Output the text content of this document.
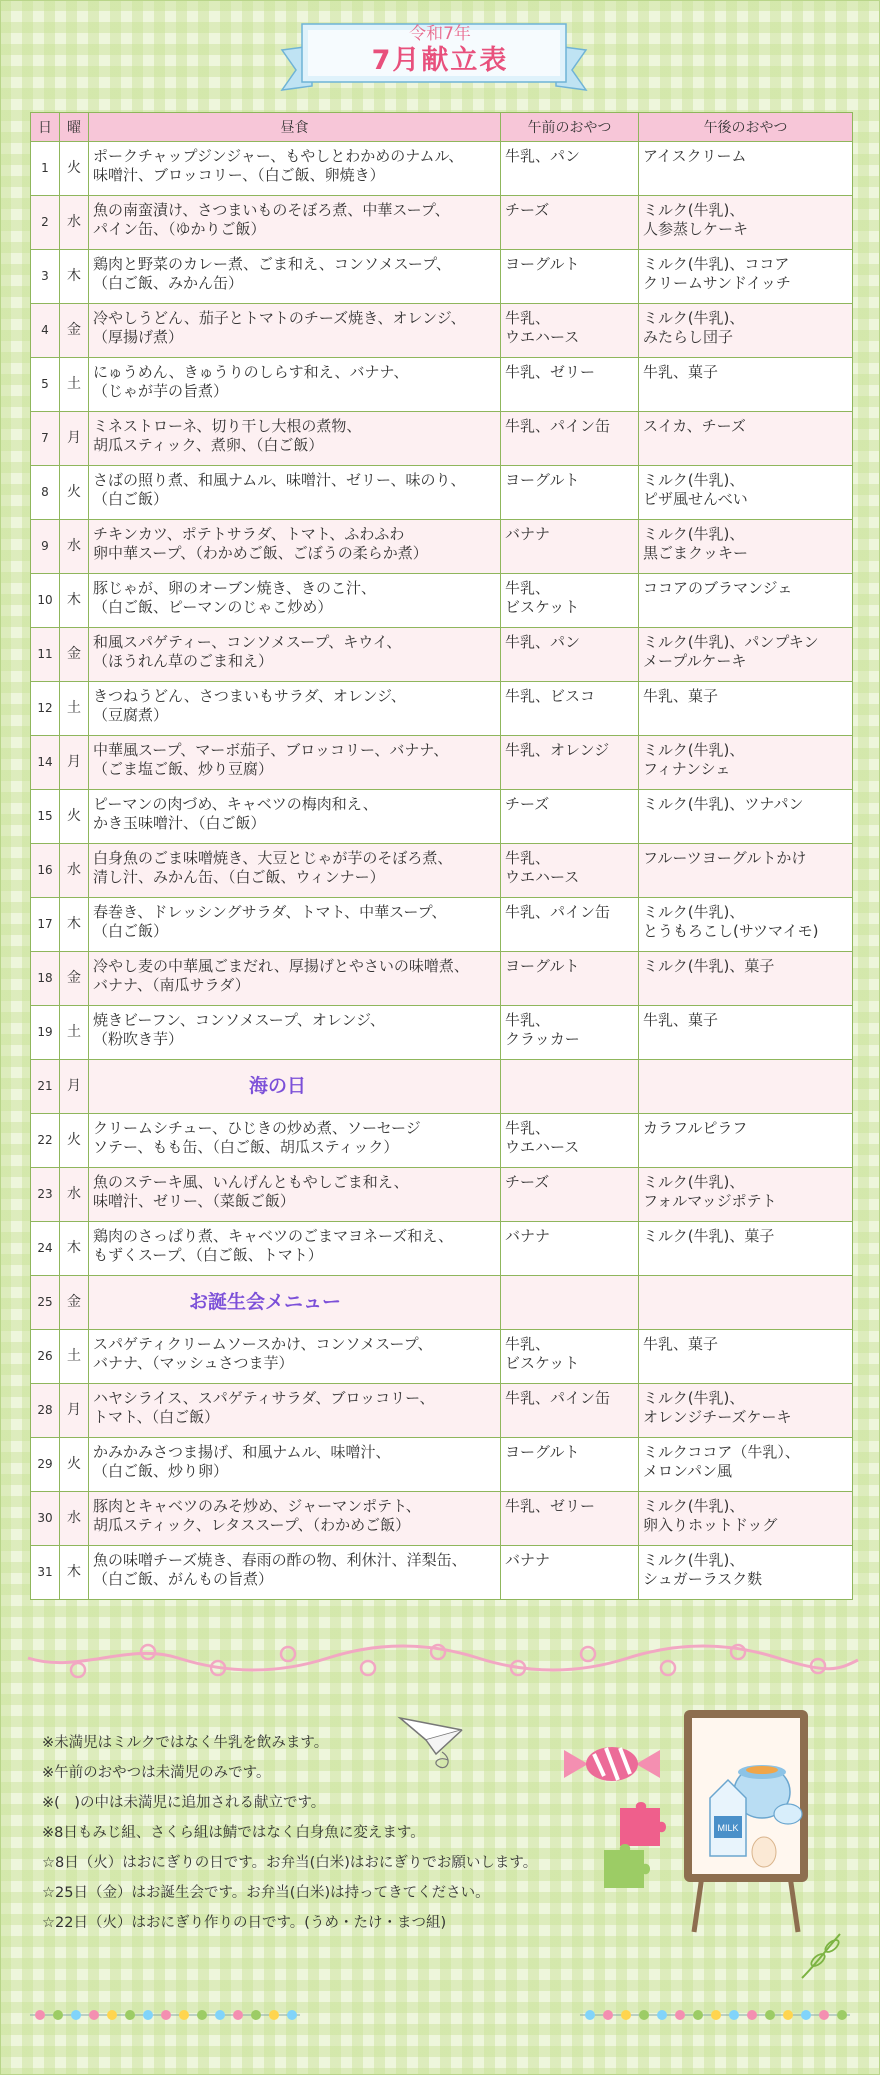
令和7年
7月献立表
日	曜	昼食	午前のおやつ	午後のおやつ
1	火	ポークチャップジンジャー、もやしとわかめのナムル、
味噌汁、ブロッコリー、（白ご飯、卵焼き）	牛乳、パン	アイスクリーム
2	水	魚の南蛮漬け、さつまいものそぼろ煮、中華スープ、
パイン缶、（ゆかりご飯）	チーズ	ミルク(牛乳)、
人参蒸しケーキ
3	木	鶏肉と野菜のカレー煮、ごま和え、コンソメスープ、
（白ご飯、みかん缶）	ヨーグルト	ミルク(牛乳)、ココア
クリームサンドイッチ
4	金	冷やしうどん、茄子とトマトのチーズ焼き、オレンジ、
（厚揚げ煮）	牛乳、
ウエハース	ミルク(牛乳)、
みたらし団子
5	土	にゅうめん、きゅうりのしらす和え、バナナ、
（じゃが芋の旨煮）	牛乳、ゼリー	牛乳、菓子
7	月	ミネストローネ、切り干し大根の煮物、
胡瓜スティック、煮卵、（白ご飯）	牛乳、パイン缶	スイカ、チーズ
8	火	さばの照り煮、和風ナムル、味噌汁、ゼリー、味のり、
（白ご飯）	ヨーグルト	ミルク(牛乳)、
ピザ風せんべい
9	水	チキンカツ、ポテトサラダ、トマト、ふわふわ
卵中華スープ、（わかめご飯、ごぼうの柔らか煮）	バナナ	ミルク(牛乳)、
黒ごまクッキー
10	木	豚じゃが、卵のオーブン焼き、きのこ汁、
（白ご飯、ピーマンのじゃこ炒め）	牛乳、
ビスケット	ココアのブラマンジェ
11	金	和風スパゲティー、コンソメスープ、キウイ、
（ほうれん草のごま和え）	牛乳、パン	ミルク(牛乳)、パンプキン
メープルケーキ
12	土	きつねうどん、さつまいもサラダ、オレンジ、
（豆腐煮）	牛乳、ビスコ	牛乳、菓子
14	月	中華風スープ、マーボ茄子、ブロッコリー、バナナ、
（ごま塩ご飯、炒り豆腐）	牛乳、オレンジ	ミルク(牛乳)、
フィナンシェ
15	火	ピーマンの肉づめ、キャベツの梅肉和え、
かき玉味噌汁、（白ご飯）	チーズ	ミルク(牛乳)、ツナパン
16	水	白身魚のごま味噌焼き、大豆とじゃが芋のそぼろ煮、
清し汁、みかん缶、（白ご飯、ウィンナー）	牛乳、
ウエハース	フルーツヨーグルトかけ
17	木	春巻き、ドレッシングサラダ、トマト、中華スープ、
（白ご飯）	牛乳、パイン缶	ミルク(牛乳)、
とうもろこし(サツマイモ)
18	金	冷やし麦の中華風ごまだれ、厚揚げとやさいの味噌煮、
バナナ、（南瓜サラダ）	ヨーグルト	ミルク(牛乳)、菓子
19	土	焼きビーフン、コンソメスープ、オレンジ、
（粉吹き芋）	牛乳、
クラッカー	牛乳、菓子
21	月	海の日		
22	火	クリームシチュー、ひじきの炒め煮、ソーセージ
ソテー、もも缶、（白ご飯、胡瓜スティック）	牛乳、
ウエハース	カラフルピラフ
23	水	魚のステーキ風、いんげんともやしごま和え、
味噌汁、ゼリー、（菜飯ご飯）	チーズ	ミルク(牛乳)、
フォルマッジポテト
24	木	鶏肉のさっぱり煮、キャベツのごまマヨネーズ和え、
もずくスープ、（白ご飯、トマト）	バナナ	ミルク(牛乳)、菓子
25	金	お誕生会メニュー		
26	土	スパゲティクリームソースかけ、コンソメスープ、
バナナ、（マッシュさつま芋）	牛乳、
ビスケット	牛乳、菓子
28	月	ハヤシライス、スパゲティサラダ、ブロッコリー、
トマト、（白ご飯）	牛乳、パイン缶	ミルク(牛乳)、
オレンジチーズケーキ
29	火	かみかみさつま揚げ、和風ナムル、味噌汁、
（白ご飯、炒り卵）	ヨーグルト	ミルクココア（牛乳）、
メロンパン風
30	水	豚肉とキャベツのみそ炒め、ジャーマンポテト、
胡瓜スティック、レタススープ、（わかめご飯）	牛乳、ゼリー	ミルク(牛乳)、
卵入りホットドッグ
31	木	魚の味噌チーズ焼き、春雨の酢の物、利休汁、洋梨缶、
（白ご飯、がんもの旨煮）	バナナ	ミルク(牛乳)、
シュガーラスク麩
※未満児はミルクではなく牛乳を飲みます。
※午前のおやつは未満児のみです。
※(　)の中は未満児に追加される献立です。
※8日もみじ組、さくら組は鯖ではなく白身魚に変えます。
☆8日（火）はおにぎりの日です。お弁当(白米)はおにぎりでお願いします。
☆25日（金）はお誕生会です。お弁当(白米)は持ってきてください。
☆22日（火）はおにぎり作りの日です。(うめ・たけ・まつ組)
MILK
